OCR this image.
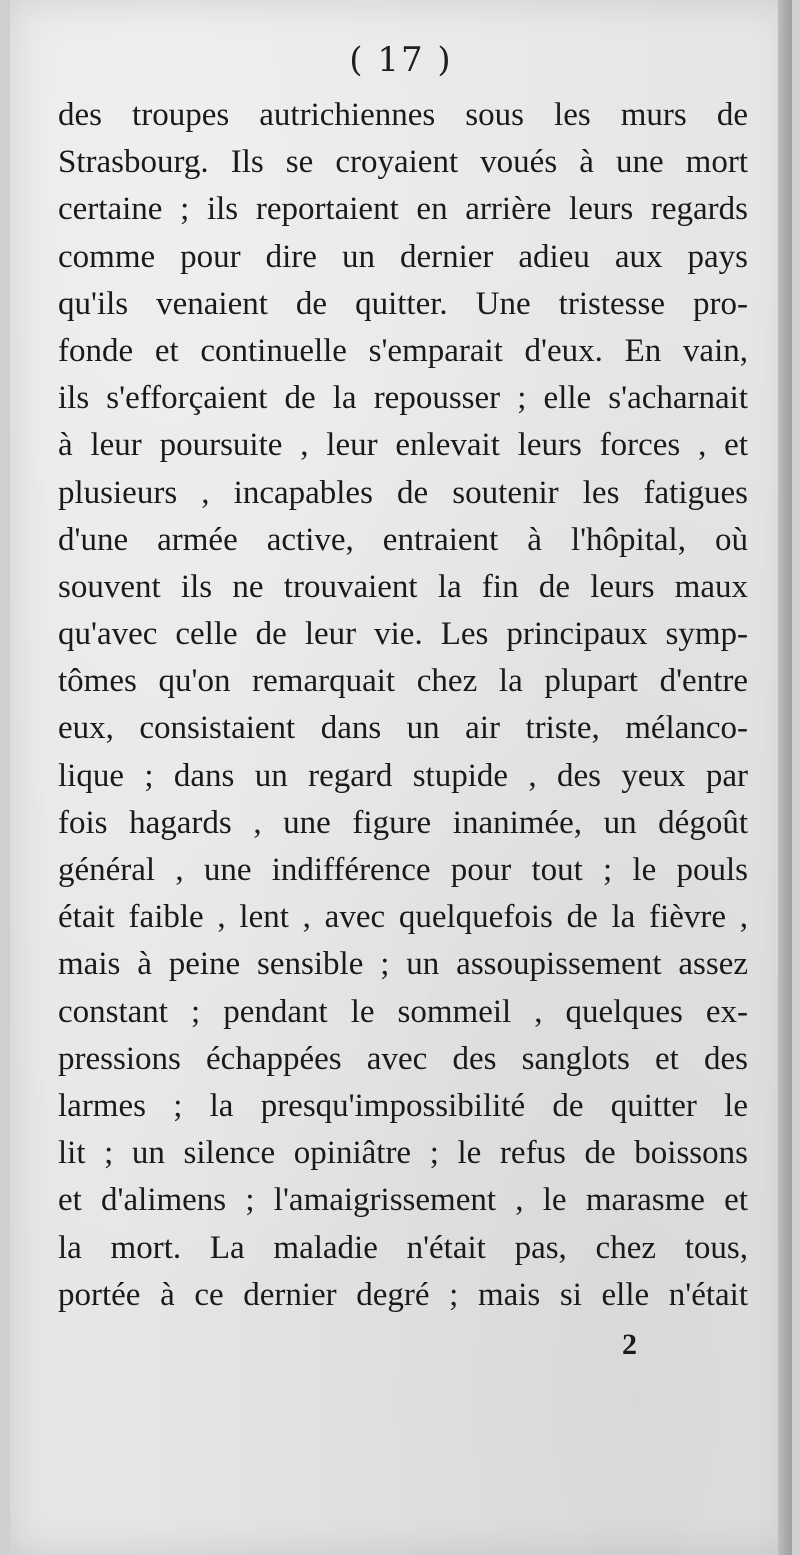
( 17 )
des troupes autrichiennes sous les murs de
Strasbourg. Ils se croyaient voués à une mort
certaine ; ils reportaient en arrière leurs regards
comme pour dire un dernier adieu aux pays
qu'ils venaient de quitter. Une tristesse pro-
fonde et continuelle s'emparait d'eux. En vain,
ils s'efforçaient de la repousser ; elle s'acharnait
à leur poursuite , leur enlevait leurs forces , et
plusieurs , incapables de soutenir les fatigues
d'une armée active, entraient à l'hôpital, où
souvent ils ne trouvaient la fin de leurs maux
qu'avec celle de leur vie. Les principaux symp-
tômes qu'on remarquait chez la plupart d'entre
eux, consistaient dans un air triste, mélanco-
lique ; dans un regard stupide , des yeux par
fois hagards , une figure inanimée, un dégoût
général , une indifférence pour tout ; le pouls
était faible , lent , avec quelquefois de la fièvre ,
mais à peine sensible ; un assoupissement assez
constant ; pendant le sommeil , quelques ex-
pressions échappées avec des sanglots et des
larmes ; la presqu'impossibilité de quitter le
lit ; un silence opiniâtre ; le refus de boissons
et d'alimens ; l'amaigrissement , le marasme et
la mort. La maladie n'était pas, chez tous,
portée à ce dernier degré ; mais si elle n'était
2
